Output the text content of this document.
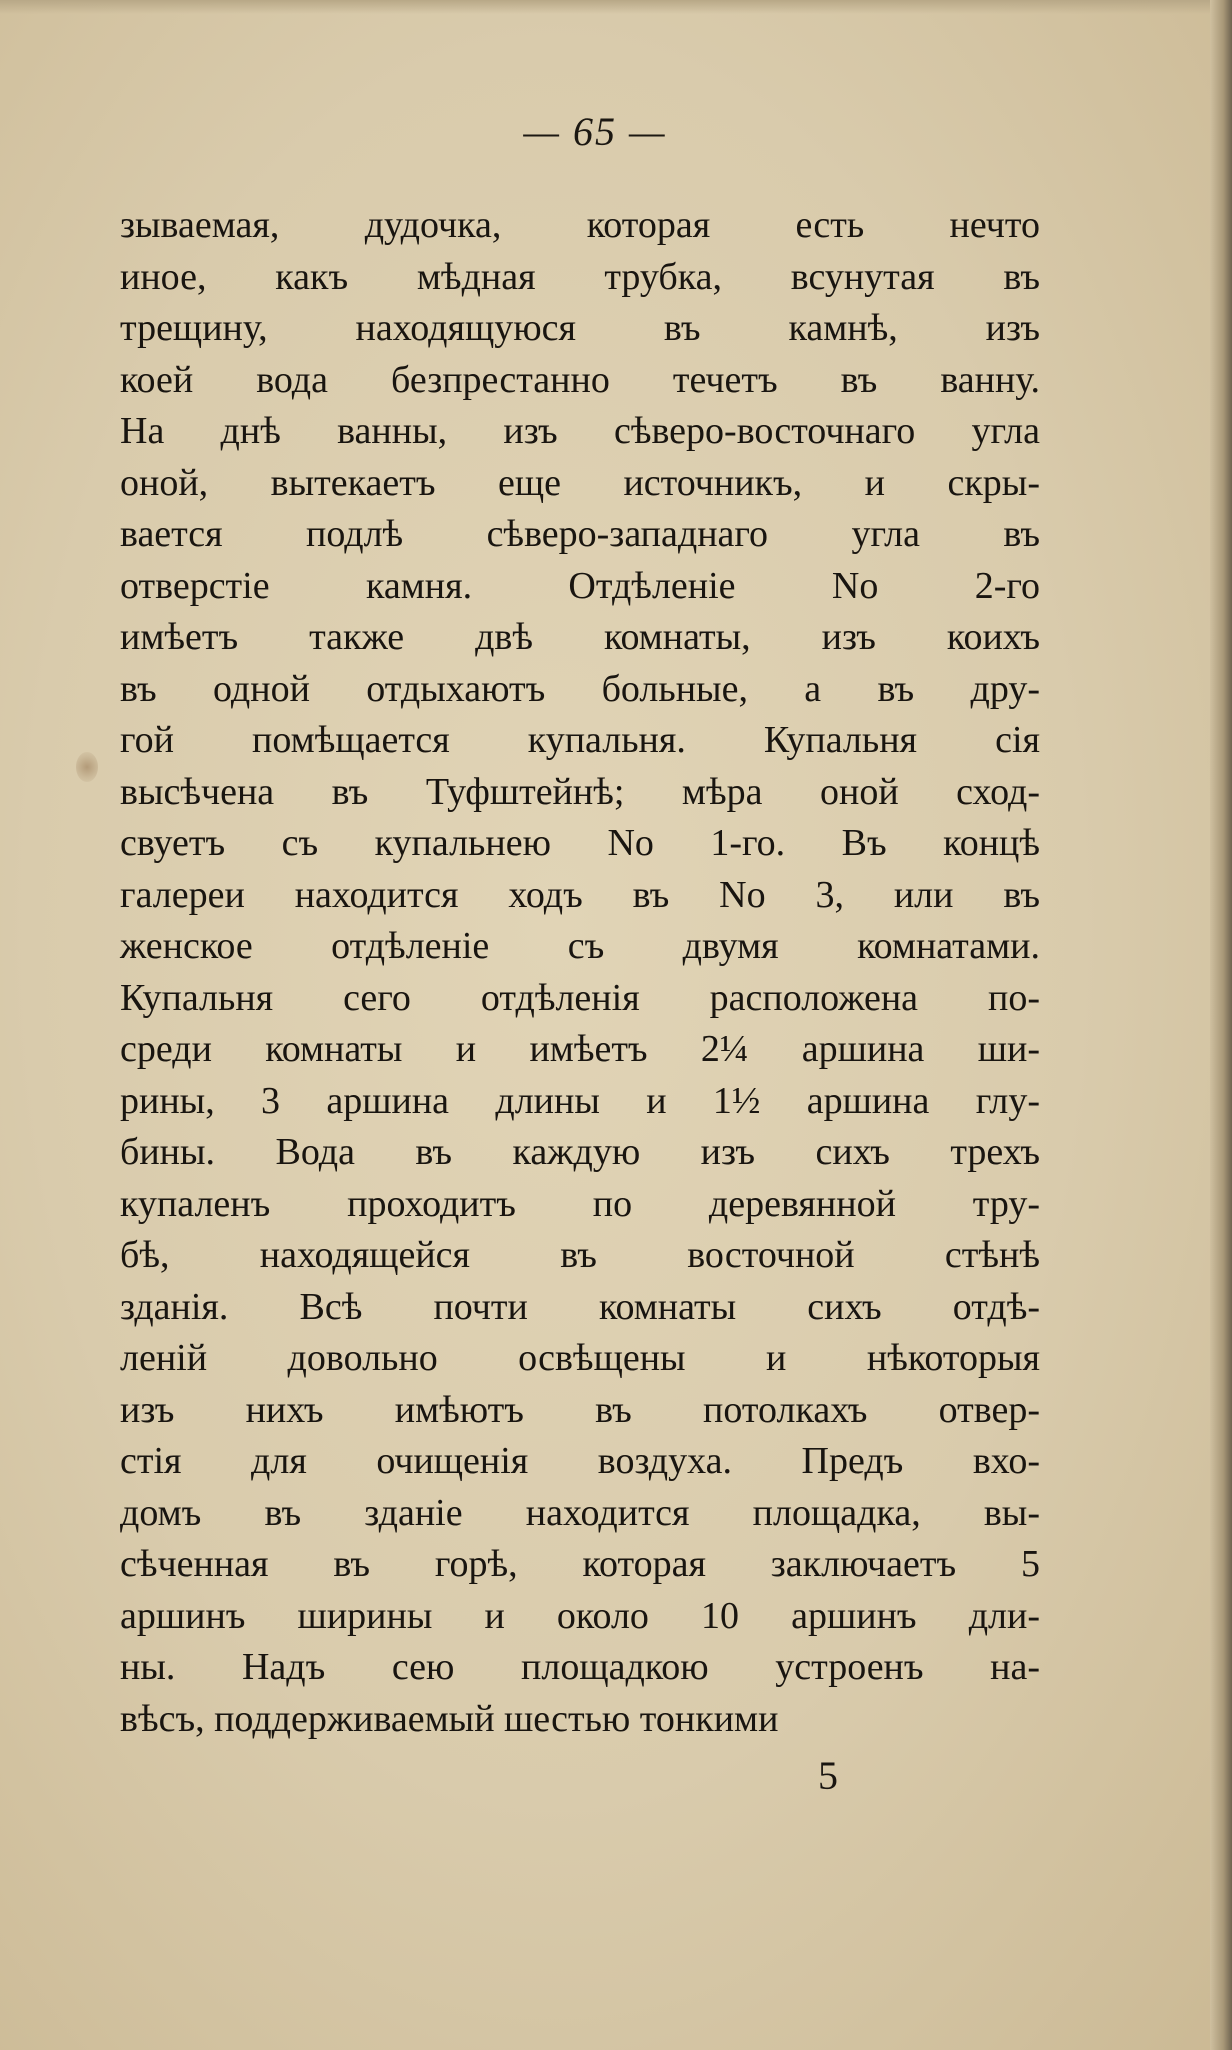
— 65 —
зываемая, дудочка, которая есть нечто
иное, какъ мѣдная трубка, всунутая въ
трещину, находящуюся въ камнѣ, изъ
коей вода безпрестанно течетъ въ ванну.
На днѣ ванны, изъ сѣверо-восточнаго угла
оной, вытекаетъ еще источникъ, и скры-
вается подлѣ сѣверо-западнаго угла въ
отверстіе камня. Отдѣленіе No 2-го
имѣетъ также двѣ комнаты, изъ коихъ
въ одной отдыхаютъ больные, а въ дру-
гой помѣщается купальня. Купальня сія
высѣчена въ Туфштейнѣ; мѣра оной сход-
свуетъ съ купальнею No 1-го. Въ концѣ
галереи находится ходъ въ No 3, или въ
женское отдѣленіе съ двумя комнатами.
Купальня сего отдѣленія расположена по-
среди комнаты и имѣетъ 2¼ аршина ши-
рины, 3 аршина длины и 1½ аршина глу-
бины. Вода въ каждую изъ сихъ трехъ
купаленъ проходитъ по деревянной тру-
бѣ, находящейся въ восточной стѣнѣ
зданія. Всѣ почти комнаты сихъ отдѣ-
леній довольно освѣщены и нѣкоторыя
изъ нихъ имѣютъ въ потолкахъ отвер-
стія для очищенія воздуха. Предъ вхо-
домъ въ зданіе находится площадка, вы-
сѣченная въ горѣ, которая заключаетъ 5
аршинъ ширины и около 10 аршинъ дли-
ны. Надъ сею площадкою устроенъ на-
вѣсъ, поддерживаемый шестью тонкими
5
